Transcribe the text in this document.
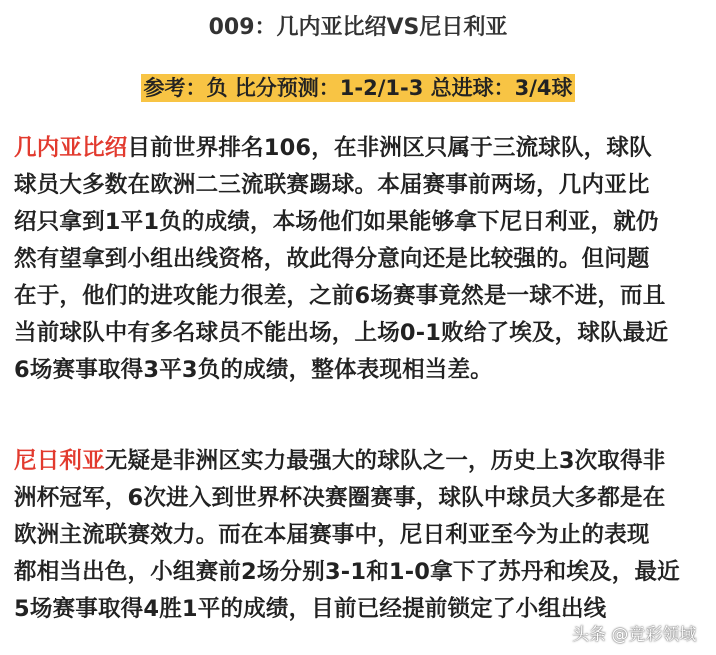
009：几内亚比绍VS尼日利亚
参考：负 比分预测：1-2/1-3 总进球：3/4球
几内亚比绍目前世界排名106，在非洲区只属于三流球队，球队
球员大多数在欧洲二三流联赛踢球。本届赛事前两场，几内亚比
绍只拿到1平1负的成绩，本场他们如果能够拿下尼日利亚，就仍
然有望拿到小组出线资格，故此得分意向还是比较强的。但问题
在于，他们的进攻能力很差，之前6场赛事竟然是一球不进，而且
当前球队中有多名球员不能出场，上场0-1败给了埃及，球队最近
6场赛事取得3平3负的成绩，整体表现相当差。
尼日利亚无疑是非洲区实力最强大的球队之一，历史上3次取得非
洲杯冠军，6次进入到世界杯决赛圈赛事，球队中球员大多都是在
欧洲主流联赛效力。而在本届赛事中，尼日利亚至今为止的表现
都相当出色，小组赛前2场分别3-1和1-0拿下了苏丹和埃及，最近
5场赛事取得4胜1平的成绩，目前已经提前锁定了小组出线
头条 @竞彩领域
